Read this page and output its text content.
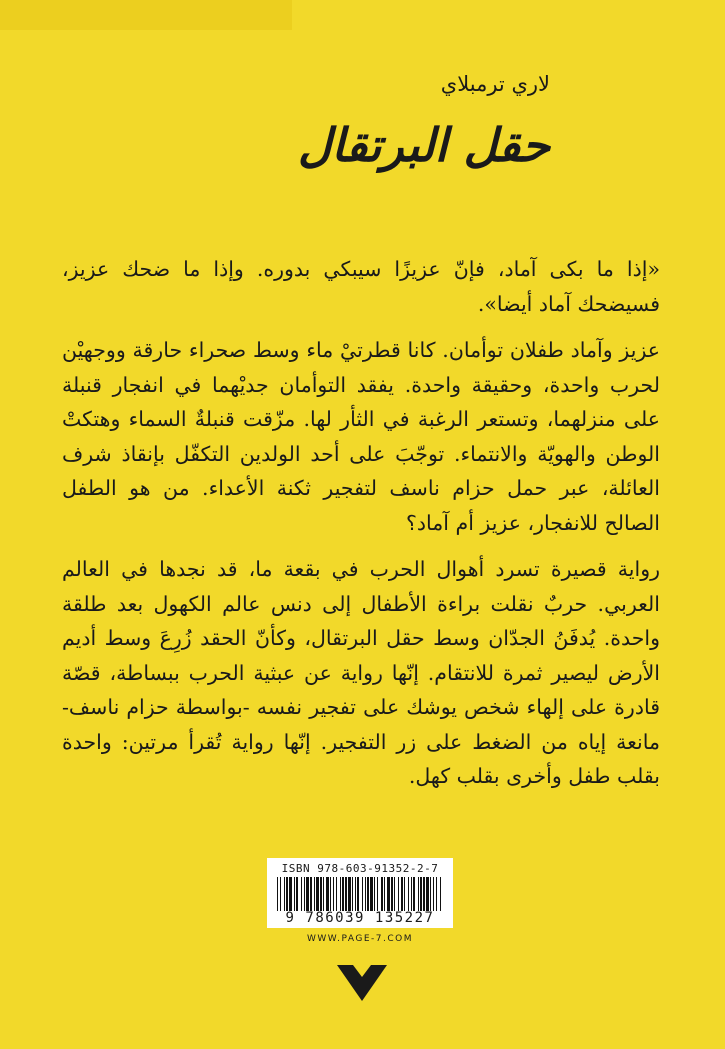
لاري ترمبلاي
حقل البرتقال

«إذا ما بكى آماد، فإنّ عزيزًا سيبكي بدوره. وإذا ما ضحك عزيز، فسيضحك آماد أيضا».

عزيز وآماد طفلان توأمان. كانا قطرتيْ ماء وسط صحراء حارقة ووجهيْن لحرب واحدة، وحقيقة واحدة. يفقد التوأمان جديْهما في انفجار قنبلة على منزلهما، وتستعر الرغبة في الثأر لها. مزّقت قنبلةٌ السماء وهتكتْ الوطن والهويّة والانتماء. توجّبَ على أحد الولدين التكفّل بإنقاذ شرف العائلة، عبر حمل حزام ناسف لتفجير ثكنة الأعداء. من هو الطفل الصالح للانفجار، عزيز أم آماد؟

رواية قصيرة تسرد أهوال الحرب في بقعة ما، قد نجدها في العالم العربي. حربٌ نقلت براءة الأطفال إلى دنس عالم الكهول بعد طلقة واحدة. يُدفَنُ الجدّان وسط حقل البرتقال، وكأنّ الحقد زُرِعَ وسط أديم الأرض ليصير ثمرة للانتقام. إنّها رواية عن عبثية الحرب ببساطة، قصّة قادرة على إلهاء شخص يوشك على تفجير نفسه -بواسطة حزام ناسف- مانعة إياه من الضغط على زر التفجير. إنّها رواية تُقرأ مرتين: واحدة بقلب طفل وأخرى بقلب كهل.

ISBN 978-603-91352-2-7
9 786039 135227
WWW.PAGE-7.COM
